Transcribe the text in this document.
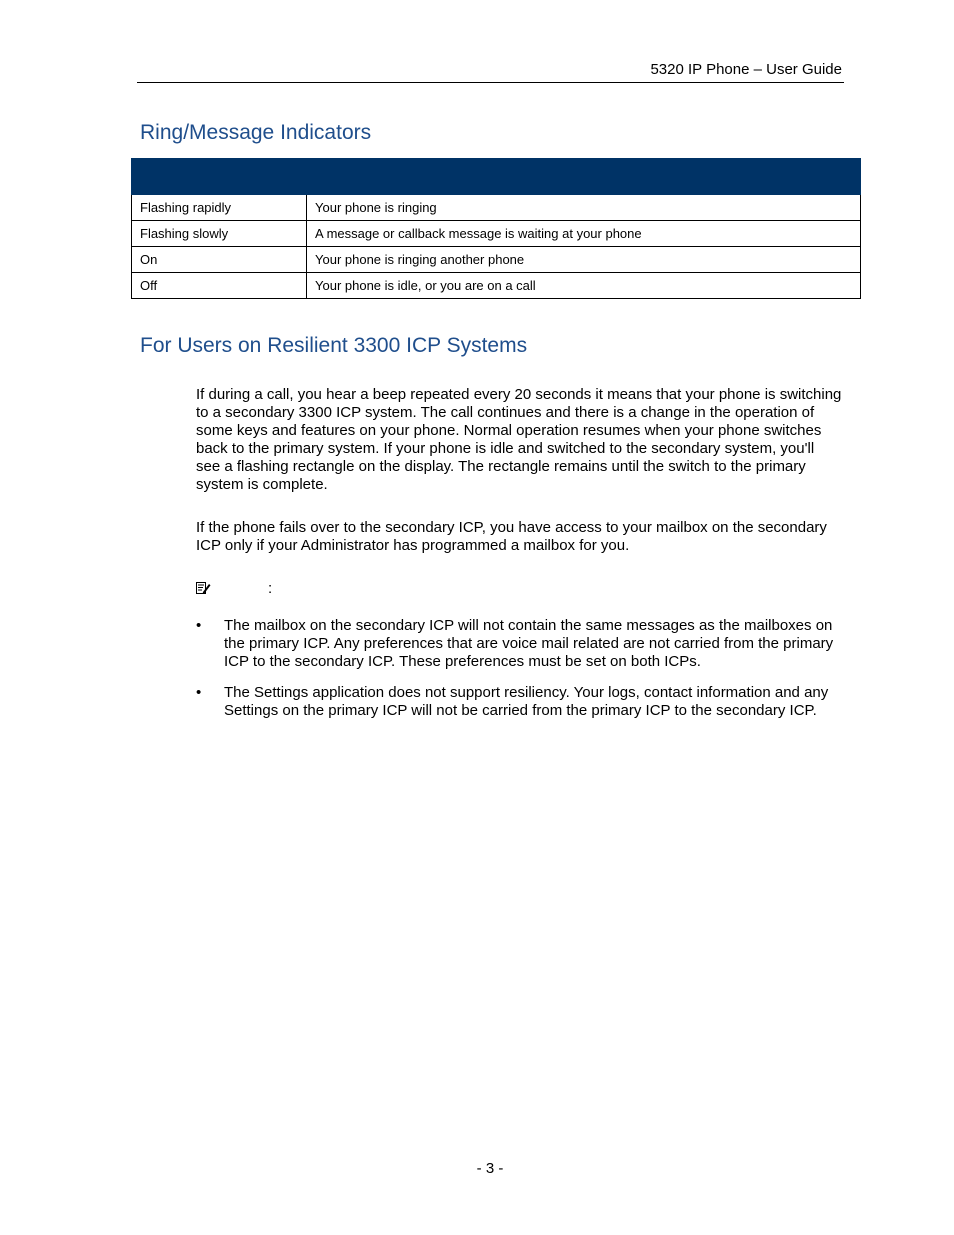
5320 IP Phone – User Guide
Ring/Message Indicators

Flashing rapidly	Your phone is ringing
Flashing slowly	A message or callback message is waiting at your phone
On	Your phone is ringing another phone
Off	Your phone is idle, or you are on a call
For Users on Resilient 3300 ICP Systems

If during a call, you hear a beep repeated every 20 seconds it means that your phone is switching to a secondary 3300 ICP system. The call continues and there is a change in the operation of some keys and features on your phone. Normal operation resumes when your phone switches back to the primary system. If your phone is idle and switched to the secondary system, you'll see a flashing rectangle on the display. The rectangle remains until the switch to the primary system is complete.

If the phone fails over to the secondary ICP, you have access to your mailbox on the secondary ICP only if your Administrator has programmed a mailbox for you.

:
• The mailbox on the secondary ICP will not contain the same messages as the mailboxes on the primary ICP. Any preferences that are voice mail related are not carried from the primary ICP to the secondary ICP. These preferences must be set on both ICPs.
• The Settings application does not support resiliency. Your logs, contact information and any Settings on the primary ICP will not be carried from the primary ICP to the secondary ICP.
- 3 -
